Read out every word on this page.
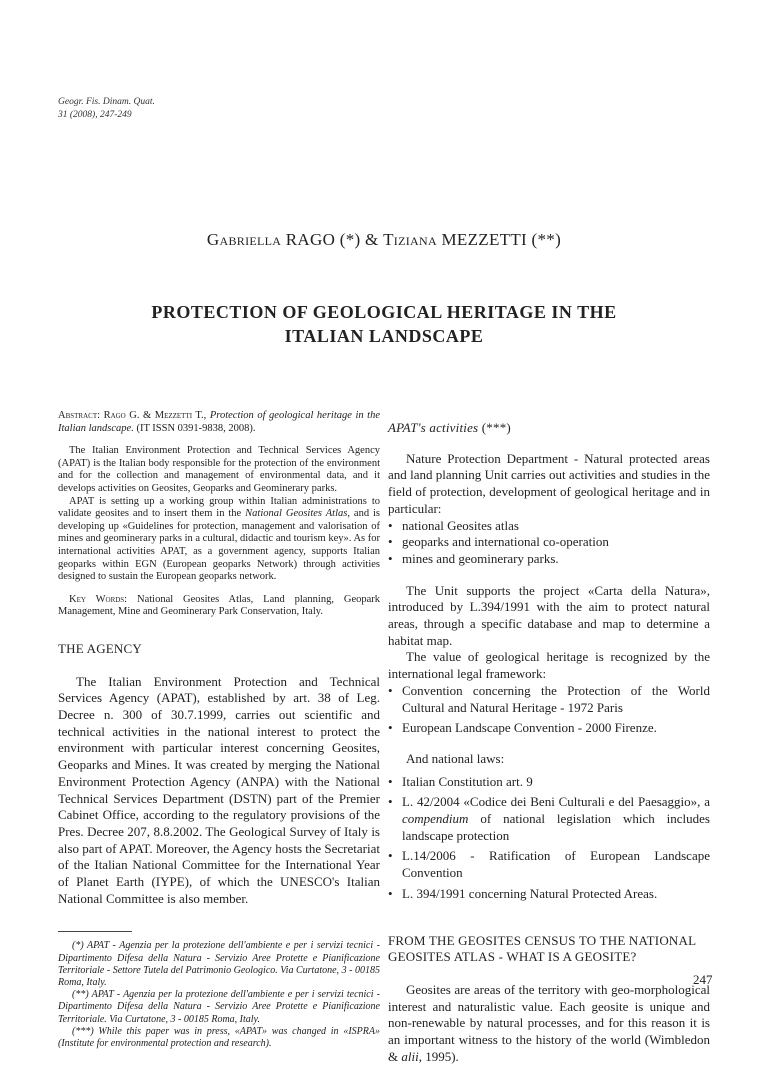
Geogr. Fis. Dinam. Quat.
31 (2008), 247-249
Gabriella RAGO (*) & Tiziana MEZZETTI (**)
PROTECTION OF GEOLOGICAL HERITAGE IN THE
ITALIAN LANDSCAPE

Abstract: Rago G. & Mezzetti T., Protection of geological heritage in the Italian landscape. (IT ISSN 0391-9838, 2008).

The Italian Environment Protection and Technical Services Agency (APAT) is the Italian body responsible for the protection of the environment and for the collection and management of environmental data, and it develops activities on Geosites, Geoparks and Geominerary parks.

APAT is setting up a working group within Italian administrations to validate geosites and to insert them in the National Geosites Atlas, and is developing up «Guidelines for protection, management and valorisation of mines and geominerary parks in a cultural, didactic and tourism key». As for international activities APAT, as a government agency, supports Italian geoparks within EGN (European geoparks Network) through activities designed to sustain the European geoparks network.

Key Words: National Geosites Atlas, Land planning, Geopark Management, Mine and Geominerary Park Conservation, Italy.

THE AGENCY

The Italian Environment Protection and Technical Services Agency (APAT), established by art. 38 of Leg. Decree n. 300 of 30.7.1999, carries out scientific and technical activities in the national interest to protect the environment with particular interest concerning Geosites, Geoparks and Mines. It was created by merging the National Environment Protection Agency (ANPA) with the National Technical Services Department (DSTN) part of the Premier Cabinet Office, according to the regulatory provisions of the Pres. Decree 207, 8.8.2002. The Geological Survey of Italy is also part of APAT. Moreover, the Agency hosts the Secretariat of the Italian National Committee for the International Year of Planet Earth (IYPE), of which the UNESCO's Italian National Committee is also member.

(*) APAT - Agenzia per la protezione dell'ambiente e per i servizi tecnici - Dipartimento Difesa della Natura - Servizio Aree Protette e Pianificazione Territoriale - Settore Tutela del Patrimonio Geologico. Via Curtatone, 3 - 00185 Roma, Italy.

(**) APAT - Agenzia per la protezione dell'ambiente e per i servizi tecnici - Dipartimento Difesa della Natura - Servizio Aree Protette e Pianificazione Territoriale. Via Curtatone, 3 - 00185 Roma, Italy.

(***) While this paper was in press, «APAT» was changed in «ISPRA» (Institute for environmental protection and research).

APAT's activities (***)

Nature Protection Department - Natural protected areas and land planning Unit carries out activities and studies in the field of protection, development of geological heritage and in particular:

• national Geosites atlas
• geoparks and international co-operation
• mines and geominerary parks.

The Unit supports the project «Carta della Natura», introduced by L.394/1991 with the aim to protect natural areas, through a specific database and map to determine a habitat map.

The value of geological heritage is recognized by the international legal framework:

• Convention concerning the Protection of the World Cultural and Natural Heritage - 1972 Paris
• European Landscape Convention - 2000 Firenze.

And national laws:

• Italian Constitution art. 9
• L. 42/2004 «Codice dei Beni Culturali e del Paesaggio», a compendium of national legislation which includes landscape protection
• L.14/2006 - Ratification of European Landscape Convention
• L. 394/1991 concerning Natural Protected Areas.

FROM THE GEOSITES CENSUS TO THE NATIONAL GEOSITES ATLAS - WHAT IS A GEOSITE?

Geosites are areas of the territory with geo-morphological interest and naturalistic value. Each geosite is unique and non-renewable by natural processes, and for this reason it is an important witness to the history of the world (Wimbledon & alii, 1995).

247
